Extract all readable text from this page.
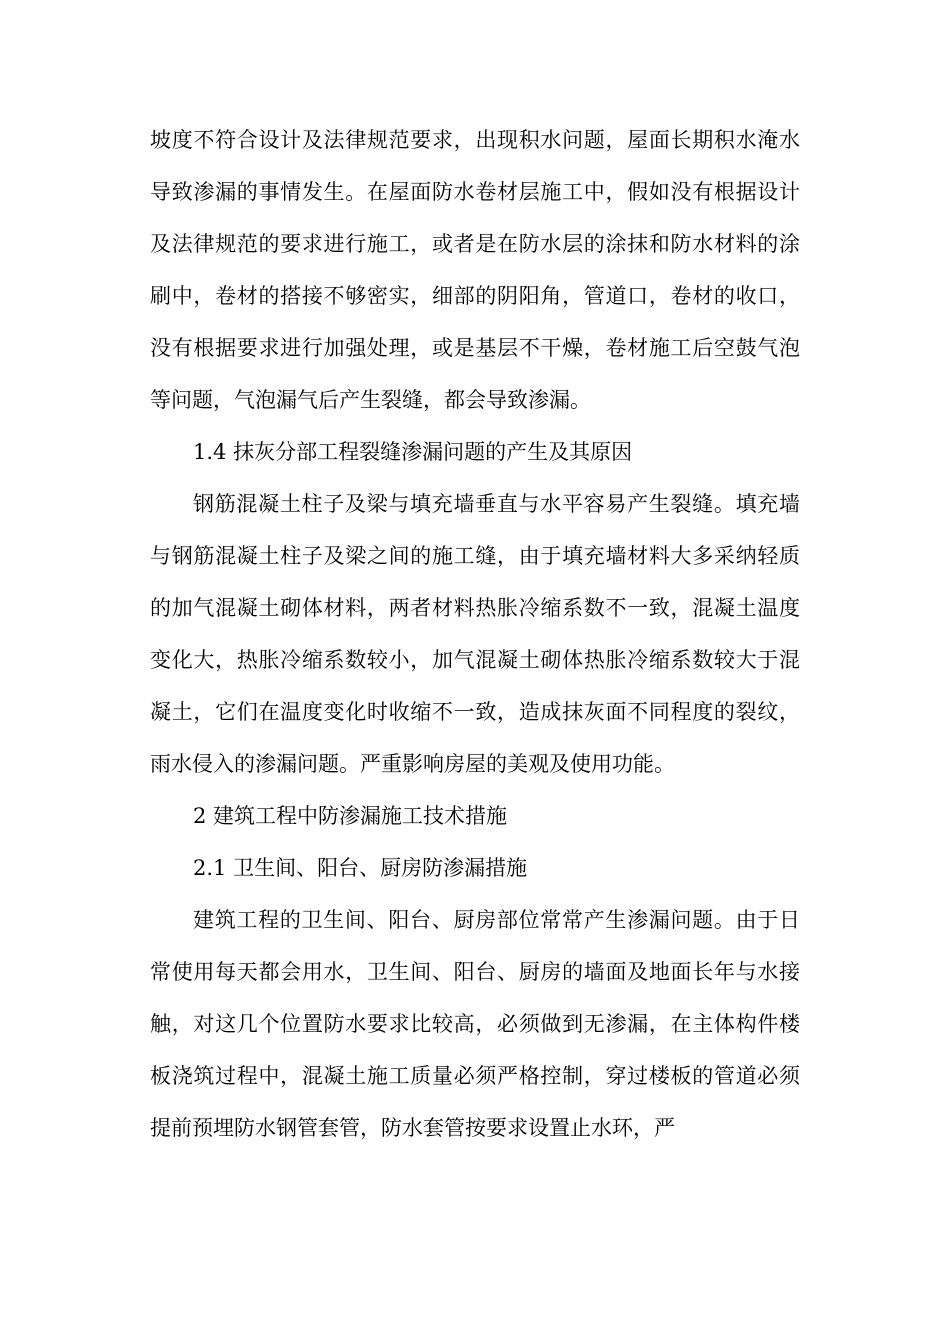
坡度不符合设计及法律规范要求，出现积水问题，屋面长期积水淹水导致渗漏的事情发生。在屋面防水卷材层施工中，假如没有根据设计及法律规范的要求进行施工，或者是在防水层的涂抹和防水材料的涂刷中，卷材的搭接不够密实，细部的阴阳角，管道口，卷材的收口，没有根据要求进行加强处理，或是基层不干燥，卷材施工后空鼓气泡等问题，气泡漏气后产生裂缝，都会导致渗漏。

1.4 抹灰分部工程裂缝渗漏问题的产生及其原因

钢筋混凝土柱子及梁与填充墙垂直与水平容易产生裂缝。填充墙与钢筋混凝土柱子及梁之间的施工缝，由于填充墙材料大多采纳轻质的加气混凝土砌体材料，两者材料热胀冷缩系数不一致，混凝土温度变化大，热胀冷缩系数较小，加气混凝土砌体热胀冷缩系数较大于混凝土，它们在温度变化时收缩不一致，造成抹灰面不同程度的裂纹，雨水侵入的渗漏问题。严重影响房屋的美观及使用功能。

2 建筑工程中防渗漏施工技术措施

2.1 卫生间、阳台、厨房防渗漏措施

建筑工程的卫生间、阳台、厨房部位常常产生渗漏问题。由于日常使用每天都会用水，卫生间、阳台、厨房的墙面及地面长年与水接触，对这几个位置防水要求比较高，必须做到无渗漏，在主体构件楼板浇筑过程中，混凝土施工质量必须严格控制，穿过楼板的管道必须提前预埋防水钢管套管，防水套管按要求设置止水环，严
